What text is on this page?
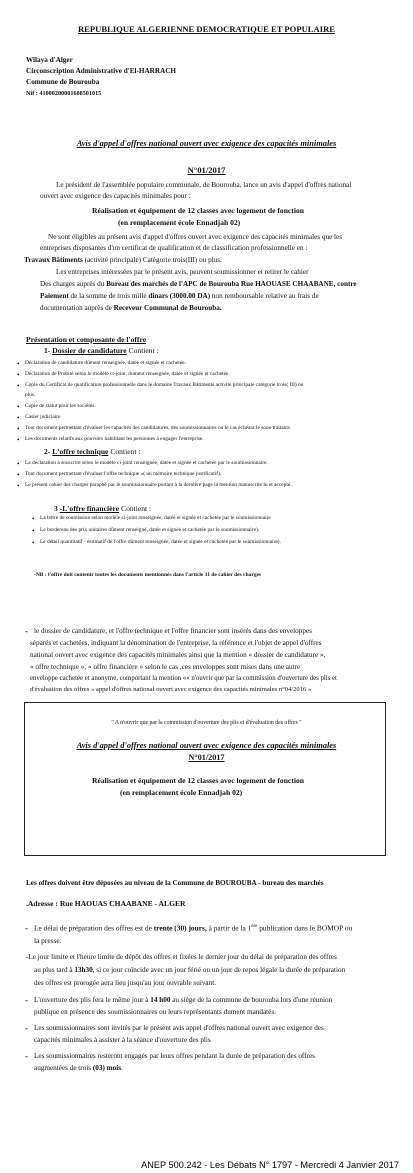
REPUBLIQUE ALGERIENNE DEMOCRATIQUE ET POPULAIRE
Wilaya d'Alger
Circonscription Administrative d'El-HARRACH
Commune de Bourouba
Nif : 41000200001608501015
Avis d'appel d'offres national ouvert avec exigence des capacités minimales
N°01/2017
Le président de l'assemblée populaire communale, de Bourouba, lance un avis d'appel d'offres national
ouvert avec exigence des capacités minimales pour :
Réalisation et équipement de 12 classes avec logement de fonction
(en remplacement école Ennadjah 02)
Ne sont éligibles au présent avis d'appel d'offres ouvert avec exigence des capacités minimales que les
entreprises disposantes d'un certificat de qualification et de classification professionnelle en :
Travaux Bâtiments (activité principale) Catégorie trois(III) ou plus.
Les entreprises intéressées par le présent avis, peuvent soumissionner et retirer le cahier
Des charges auprès du Bureau des marchés de l'APC de Bourouba Rue HAOUASE CHAABANE, contre
Paiement de la somme de trois mille dinars (3000.00 DA) non remboursable relative au frais de
documentation auprès de Receveur Communal de Bourouba.
Présentation et composante de l'offre
1- Dossier de candidature Contient :
• Déclaration de candidature dûment renseignée, datée et signée et cachetée.
• Déclaration de Probité selon le modèle ci-joint, dument renseignée, datée et signée et cachetée.
• Copie du Certificat de qualification professionnelle dans le domaine Travaux Bâtiments activité principale catégorie trois( III) ou
plus.
• Copie de statut pour les sociétés.
• Casier judiciaire
• Tout document permettant d'évaluer les capacités des candidatures, des soumissionnaires ou le cas échéant le sous-traitants
• Les documents relatifs aux pouvoirs habilitant les personnes à engager l'entreprise.
2- L'offre technique Contient :
• La déclaration à souscrire selon le modèle ci-joint renseignée, datée et signée et cachetée par le soumissionnaire.
• Tout document permettant d'évaluer l'offre technique «( un mémoire technique justificatif).
• Le présent cahier des charges paraphé par le soumissionnaire portant à la dernière page la mention manuscrite lu et accepté.
3 -L'offre financière Contient :
• La lettre de soumission selon modèle ci-joint renseignée, datée et signée et cachetée par le soumissionnaire
• Le bordereau des prix unitaires dûment renseigné, datée et signée et cachetée par le soumissionnaire).
• Le détail quantitatif - estimatif de l'offre dûment renseignée, datée et signée et cachetée par le soumissionnaire).
-NB : l'offre doit contenir toutes les documents mentionnés dans l'article 11 de cahier des charges
- le dossier de candidature, et l'offre technique et l'offre financier sont insérés dans des enveloppes
séparés et cachetées, indiquant la dénomination de l'entreprise, la référence et l'objet de appel d'offres
national ouvert avec exigence des capacités minimales ainsi que la mention « dossier de candidature »,
« offre technique », « offre financière » selon le cas ,ces enveloppes sont mises dans une autre
enveloppe cachetée et anonyme, comportant la mention «« n'ouvrir que par la commission d'ouverture des plis et
d'évaluation des offres » appel d'offres national ouvert avec exigence des capacités minimales n°04/2016 »
" A n'ouvrir que par la commission d'ouverture des plis et d'évaluation des offres "
Avis d'appel d'offres national ouvert avec exigence des capacités minimales
N°01/2017
Réalisation et équipement de 12 classes avec logement de fonction
(en remplacement école Ennadjah 02)
Les offres doivent être déposées au niveau de la Commune de BOUROUBA - bureau des marchés
.Adresse : Rue HAOUAS CHAABANE - ALGER
- Le délai de préparation des offres est de trente (30) jours, à partir de la 1ère publication dans le BOMOP ou
la presse.
-Le jour limite et l'heure limite de dépôt des offres et fixées le dernier jour du délai de préparation des offres
au plus tard à 13h30, si ce jour coïncide avec un jour férié ou un jour de repos légale la durée de préparation
des offres est prorogée aura lieu jusqu'au jour ouvrable suivant.
- L'ouverture des plis fera le même jour à 14 h00 au siège de la commune de bourouba lors d'une réunion
publique en présence des soumissionnaires ou leurs représentants dument mandatés.
- Les soumissionnaires sont invités par le présent avis appel d'offres national ouvert avec exigence des
capacités minimales à assister à la séance d'ouverture des plis
- Les soumissionnaires resteront engagés par leurs offres pendant la durée de préparation des offres
augmentées de trois (03) mois.
ANEP 500.242 - Les Débats N° 1797 - Mercredi 4 Janvier 2017
